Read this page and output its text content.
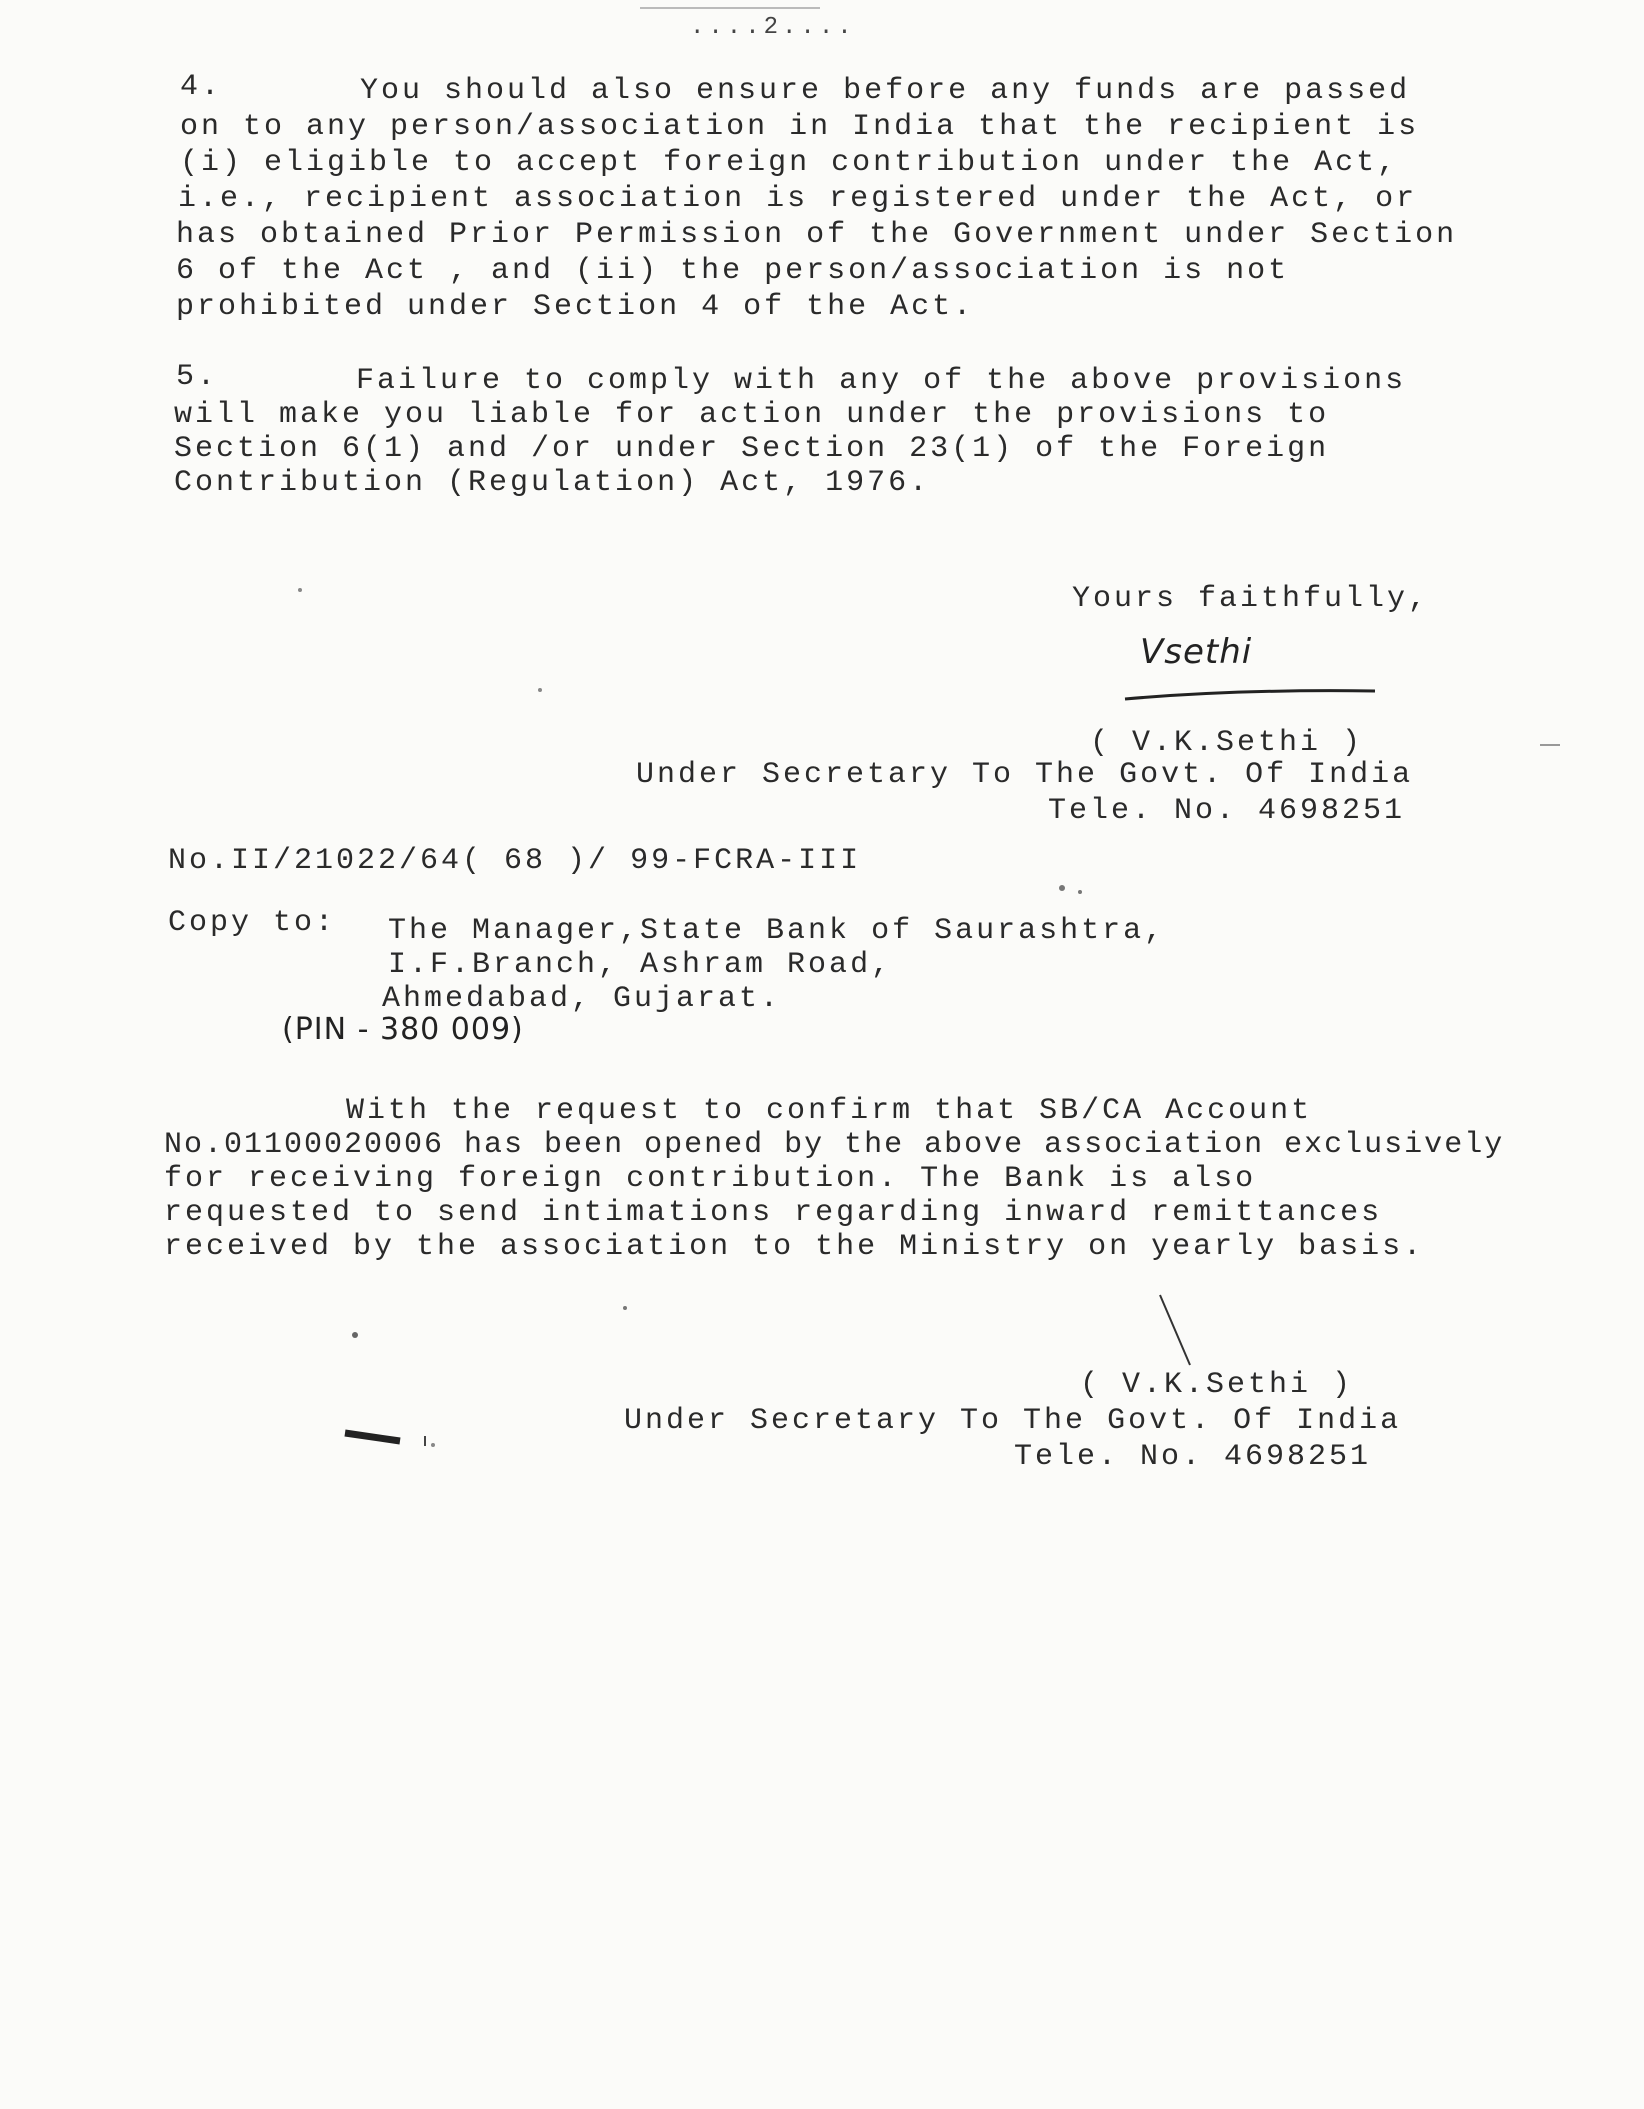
....2....
4.	You should also ensure before any funds are passed
on to any person/association in India that the recipient is
(i) eligible to accept foreign contribution under the Act,
i.e., recipient association is registered under the Act, or
has obtained Prior Permission of the Government under Section
6 of the Act , and (ii) the person/association is not
prohibited under Section 4 of the Act.
5.	Failure to comply with any of the above provisions
will make you liable for action under the provisions to
Section 6(1) and /or under Section 23(1) of the Foreign
Contribution (Regulation) Act, 1976.
Yours faithfully,
Vsethi
( V.K.Sethi )
Under Secretary To The Govt. Of India
Tele. No. 4698251
No.II/21022/64( 68 )/ 99-FCRA-III
Copy to: The Manager,State Bank of Saurashtra,
I.F.Branch, Ashram Road,
Ahmedabad, Gujarat.
(PIN - 380 009)
With the request to confirm that SB/CA Account
No.01100020006 has been opened by the above association exclusively
for receiving foreign contribution. The Bank is also
requested to send intimations regarding inward remittances
received by the association to the Ministry on yearly basis.
( V.K.Sethi )
Under Secretary To The Govt. Of India
Tele. No. 4698251
